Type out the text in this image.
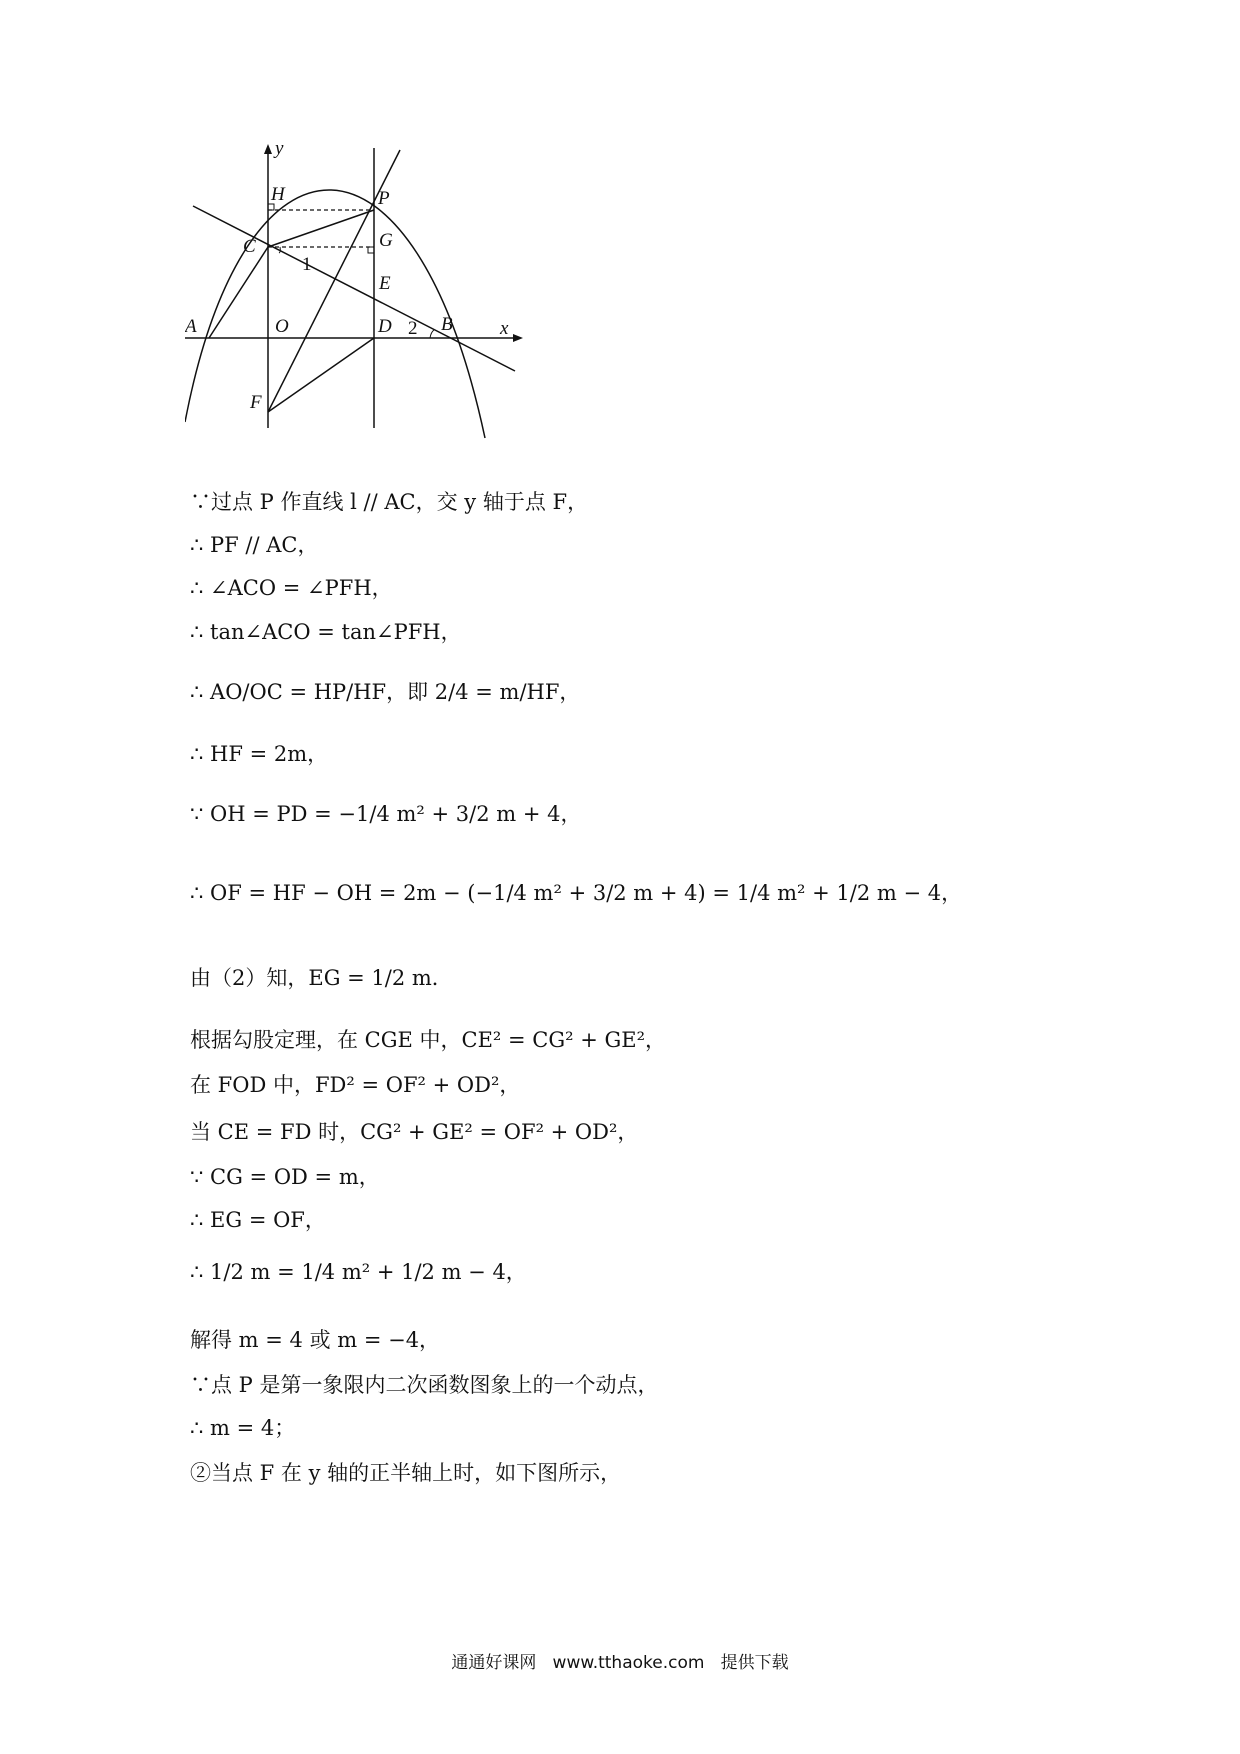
y
x
H	P
C	G
E
A	O	D	B
F
1
2
∵过点 P 作直线 l // AC，交 y 轴于点 F，
∴ PF // AC，
∴ ∠ACO = ∠PFH，
∴ tan∠ACO = tan∠PFH，
∴ AO/OC = HP/HF，即 2/4 = m/HF，
∴ HF = 2m，
∵ OH = PD = −1/4 m² + 3/2 m + 4，
∴ OF = HF − OH = 2m − (−1/4 m² + 3/2 m + 4) = 1/4 m² + 1/2 m − 4，
由（2）知，EG = 1/2 m．
根据勾股定理，在 CGE 中，CE² = CG² + GE²，
在 FOD 中，FD² = OF² + OD²，
当 CE = FD 时，CG² + GE² = OF² + OD²，
∵ CG = OD = m，
∴ EG = OF，
∴ 1/2 m = 1/4 m² + 1/2 m − 4，
解得 m = 4 或 m = −4，
∵点 P 是第一象限内二次函数图象上的一个动点，
∴ m = 4；
②当点 F 在 y 轴的正半轴上时，如下图所示，
通通好课网 www.tthaoke.com 提供下载
